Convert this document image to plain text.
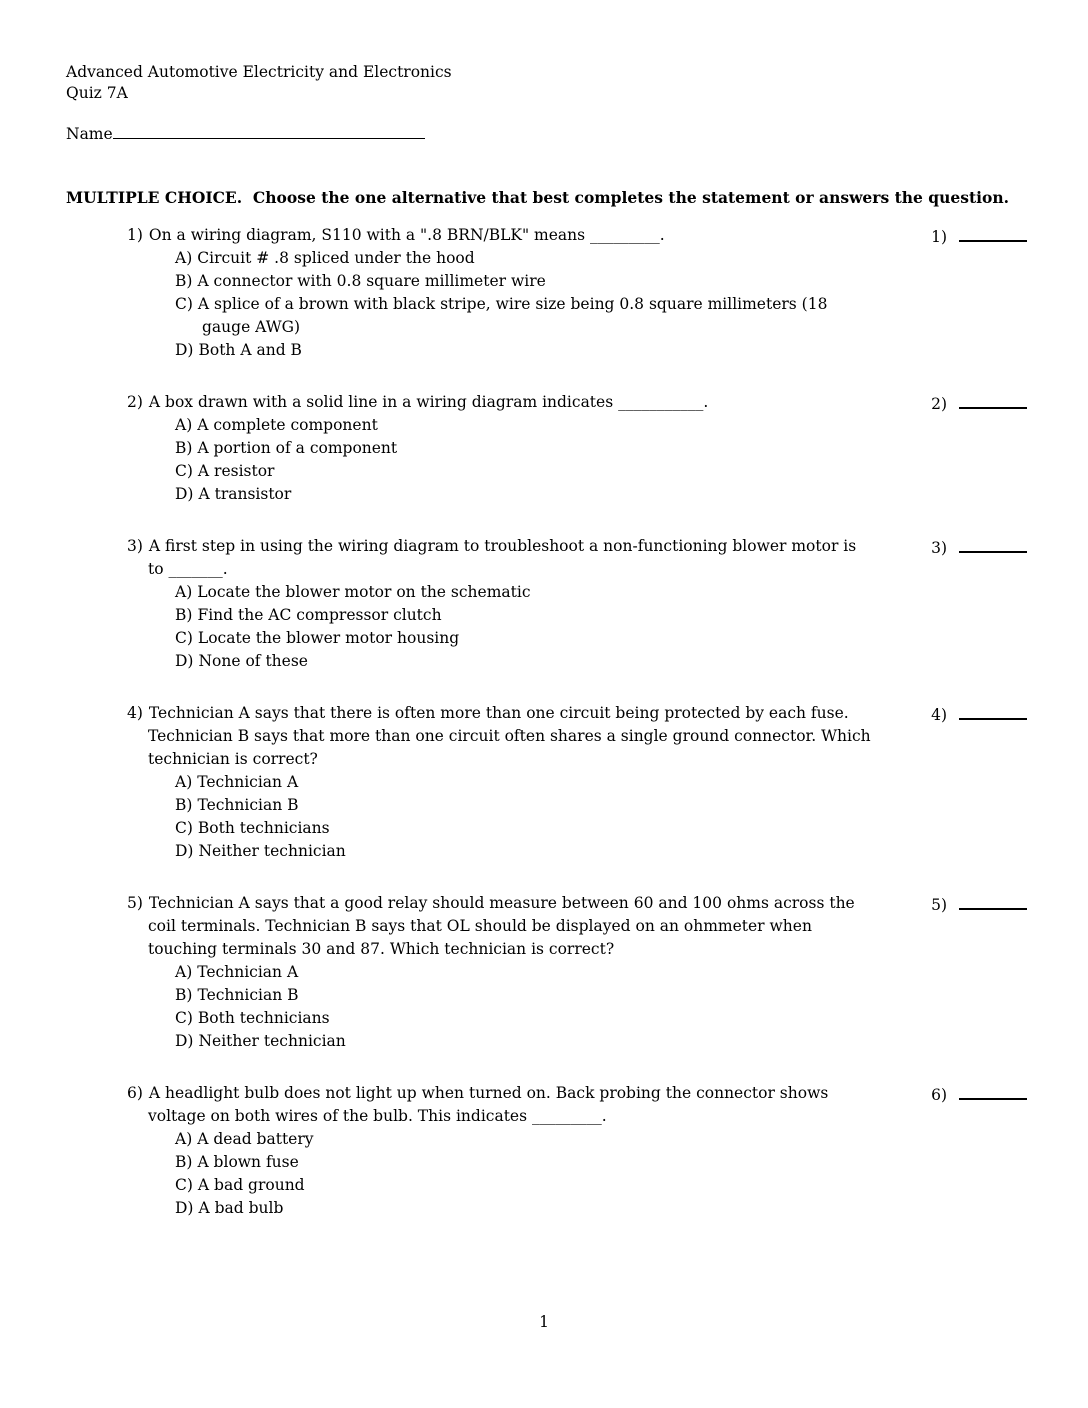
Advanced Automotive Electricity and Electronics
Quiz 7A
Name
MULTIPLE CHOICE.  Choose the one alternative that best completes the statement or answers the question.
1) On a wiring diagram, S110 with a ".8 BRN/BLK" means _________.
A) Circuit # .8 spliced under the hood
B) A connector with 0.8 square millimeter wire
C) A splice of a brown with black stripe, wire size being 0.8 square millimeters (18 gauge AWG)
D) Both A and B
1)
2) A box drawn with a solid line in a wiring diagram indicates ___________.
A) A complete component
B) A portion of a component
C) A resistor
D) A transistor
2)
3) A first step in using the wiring diagram to troubleshoot a non-functioning blower motor is to _______.
A) Locate the blower motor on the schematic
B) Find the AC compressor clutch
C) Locate the blower motor housing
D) None of these
3)
4) Technician A says that there is often more than one circuit being protected by each fuse. Technician B says that more than one circuit often shares a single ground connector. Which technician is correct?
A) Technician A
B) Technician B
C) Both technicians
D) Neither technician
4)
5) Technician A says that a good relay should measure between 60 and 100 ohms across the coil terminals. Technician B says that OL should be displayed on an ohmmeter when touching terminals 30 and 87. Which technician is correct?
A) Technician A
B) Technician B
C) Both technicians
D) Neither technician
5)
6) A headlight bulb does not light up when turned on. Back probing the connector shows voltage on both wires of the bulb. This indicates _________.
A) A dead battery
B) A blown fuse
C) A bad ground
D) A bad bulb
6)
1
